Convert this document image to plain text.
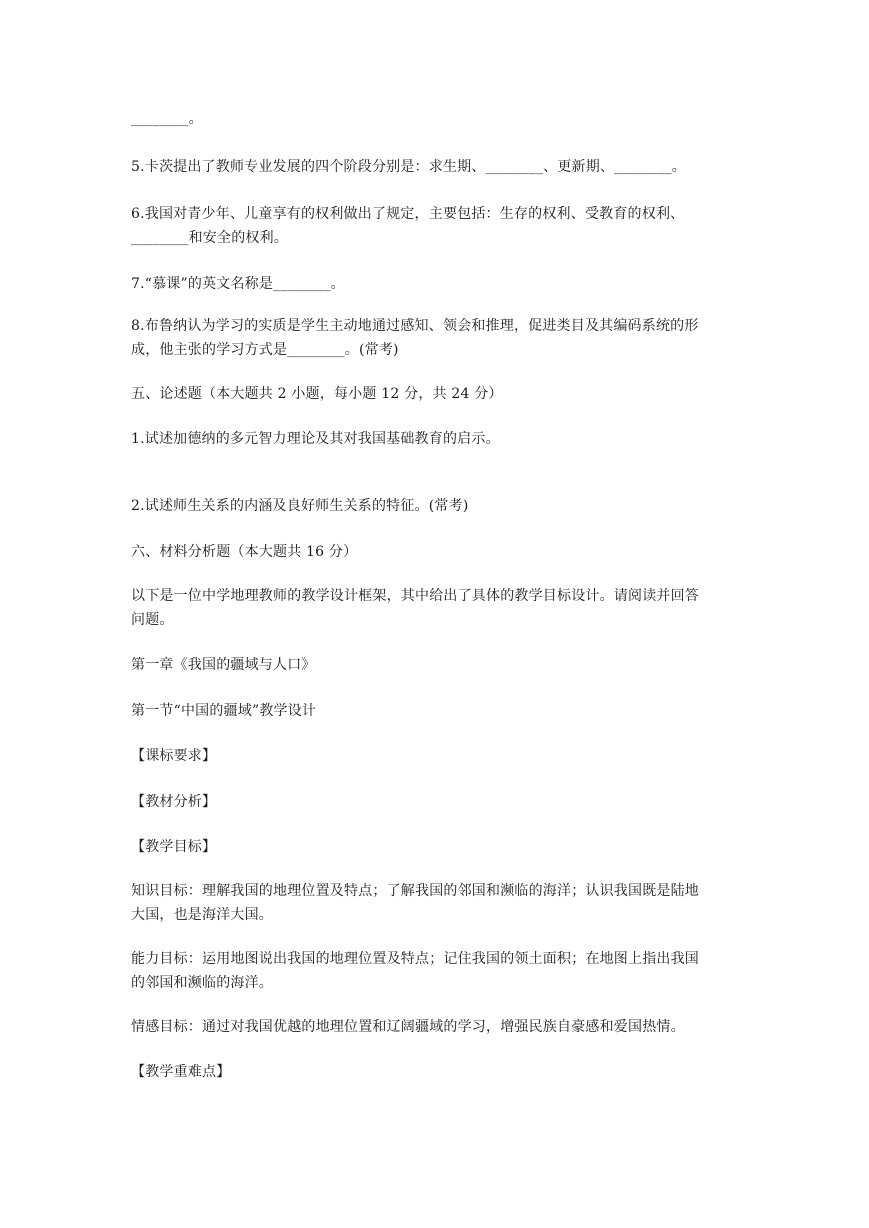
________。
5.卡茨提出了教师专业发展的四个阶段分别是：求生期、________、更新期、________。
6.我国对青少年、儿童享有的权利做出了规定，主要包括：生存的权利、受教育的权利、
________和安全的权利。
7.“慕课”的英文名称是________。
8.布鲁纳认为学习的实质是学生主动地通过感知、领会和推理，促进类目及其编码系统的形
成，他主张的学习方式是________。(常考)
五、论述题（本大题共 2 小题，每小题 12 分，共 24 分）
1.试述加德纳的多元智力理论及其对我国基础教育的启示。
2.试述师生关系的内涵及良好师生关系的特征。(常考)
六、材料分析题（本大题共 16 分）
以下是一位中学地理教师的教学设计框架，其中给出了具体的教学目标设计。请阅读并回答
问题。
第一章《我国的疆域与人口》
第一节“中国的疆域”教学设计
【课标要求】
【教材分析】
【教学目标】
知识目标：理解我国的地理位置及特点；了解我国的邻国和濒临的海洋；认识我国既是陆地
大国，也是海洋大国。
能力目标：运用地图说出我国的地理位置及特点；记住我国的领土面积；在地图上指出我国
的邻国和濒临的海洋。
情感目标：通过对我国优越的地理位置和辽阔疆域的学习，增强民族自豪感和爱国热情。
【教学重难点】
